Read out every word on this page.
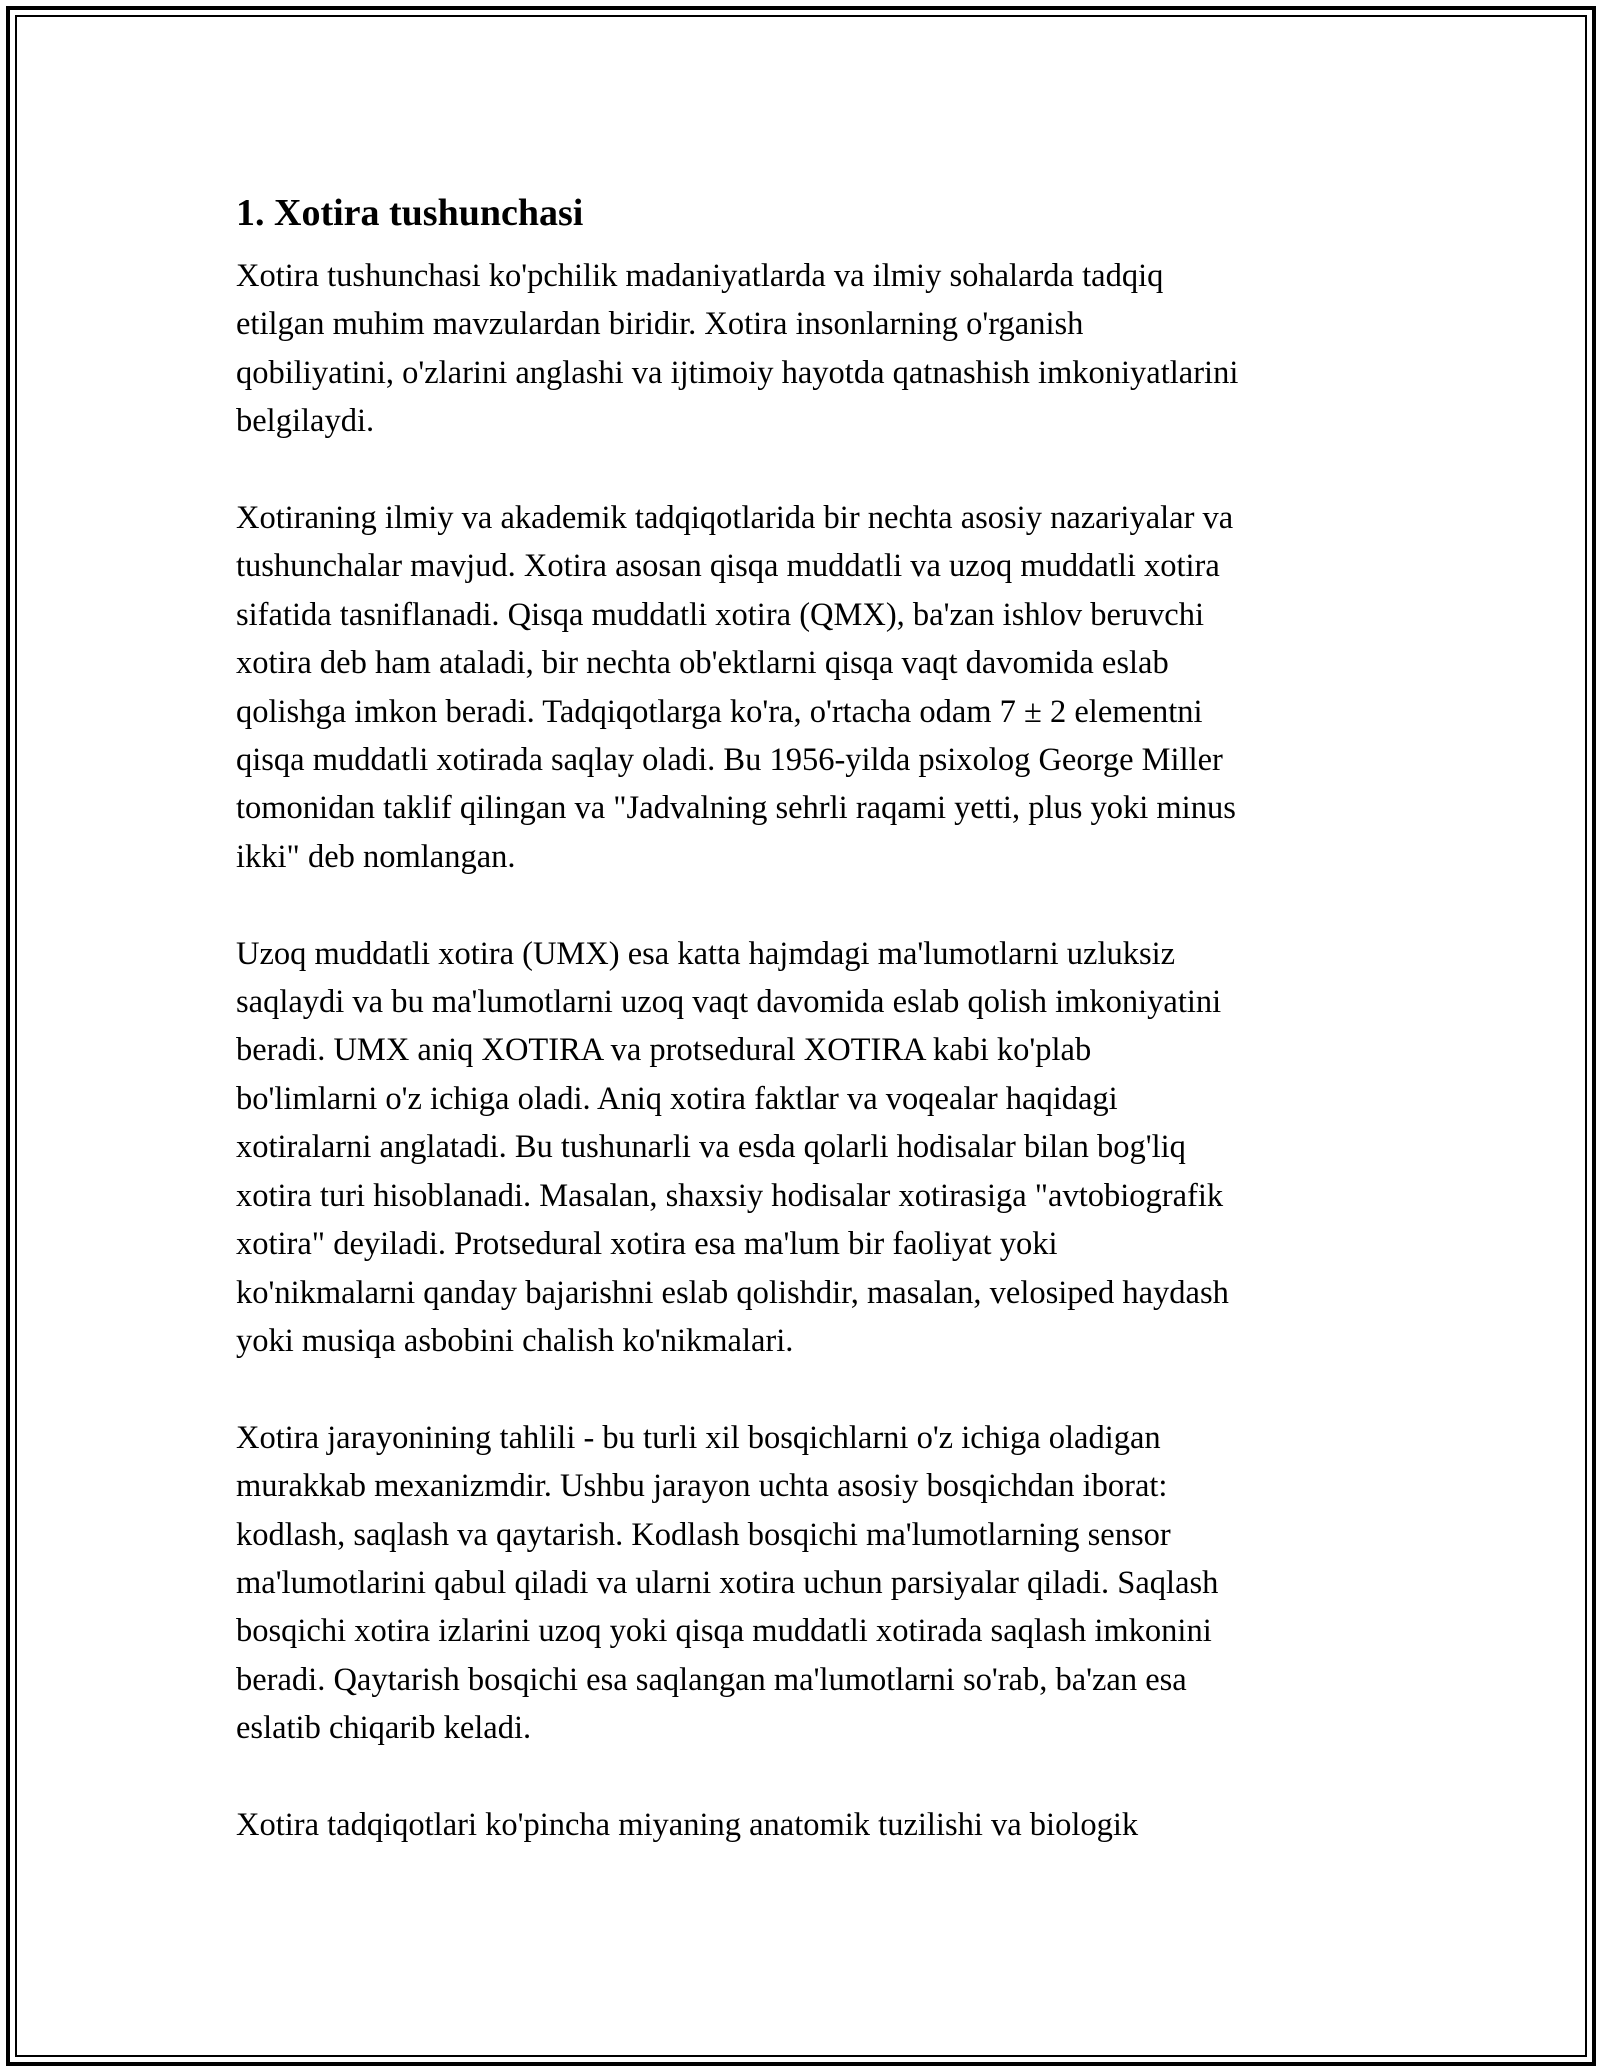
1. Xotira tushunchasi

Xotira tushunchasi ko'pchilik madaniyatlarda va ilmiy sohalarda tadqiq
etilgan muhim mavzulardan biridir. Xotira insonlarning o'rganish
qobiliyatini, o'zlarini anglashi va ijtimoiy hayotda qatnashish imkoniyatlarini
belgilaydi.

Xotiraning ilmiy va akademik tadqiqotlarida bir nechta asosiy nazariyalar va
tushunchalar mavjud. Xotira asosan qisqa muddatli va uzoq muddatli xotira
sifatida tasniflanadi. Qisqa muddatli xotira (QMX), ba'zan ishlov beruvchi
xotira deb ham ataladi, bir nechta ob'ektlarni qisqa vaqt davomida eslab
qolishga imkon beradi. Tadqiqotlarga ko'ra, o'rtacha odam 7 ± 2 elementni
qisqa muddatli xotirada saqlay oladi. Bu 1956-yilda psixolog George Miller
tomonidan taklif qilingan va "Jadvalning sehrli raqami yetti, plus yoki minus
ikki" deb nomlangan.

Uzoq muddatli xotira (UMX) esa katta hajmdagi ma'lumotlarni uzluksiz
saqlaydi va bu ma'lumotlarni uzoq vaqt davomida eslab qolish imkoniyatini
beradi. UMX aniq XOTIRA va protsedural XOTIRA kabi ko'plab
bo'limlarni o'z ichiga oladi. Aniq xotira faktlar va voqealar haqidagi
xotiralarni anglatadi. Bu tushunarli va esda qolarli hodisalar bilan bog'liq
xotira turi hisoblanadi. Masalan, shaxsiy hodisalar xotirasiga "avtobiografik
xotira" deyiladi. Protsedural xotira esa ma'lum bir faoliyat yoki
ko'nikmalarni qanday bajarishni eslab qolishdir, masalan, velosiped haydash
yoki musiqa asbobini chalish ko'nikmalari.

Xotira jarayonining tahlili - bu turli xil bosqichlarni o'z ichiga oladigan
murakkab mexanizmdir. Ushbu jarayon uchta asosiy bosqichdan iborat:
kodlash, saqlash va qaytarish. Kodlash bosqichi ma'lumotlarning sensor
ma'lumotlarini qabul qiladi va ularni xotira uchun parsiyalar qiladi. Saqlash
bosqichi xotira izlarini uzoq yoki qisqa muddatli xotirada saqlash imkonini
beradi. Qaytarish bosqichi esa saqlangan ma'lumotlarni so'rab, ba'zan esa
eslatib chiqarib keladi.

Xotira tadqiqotlari ko'pincha miyaning anatomik tuzilishi va biologik
